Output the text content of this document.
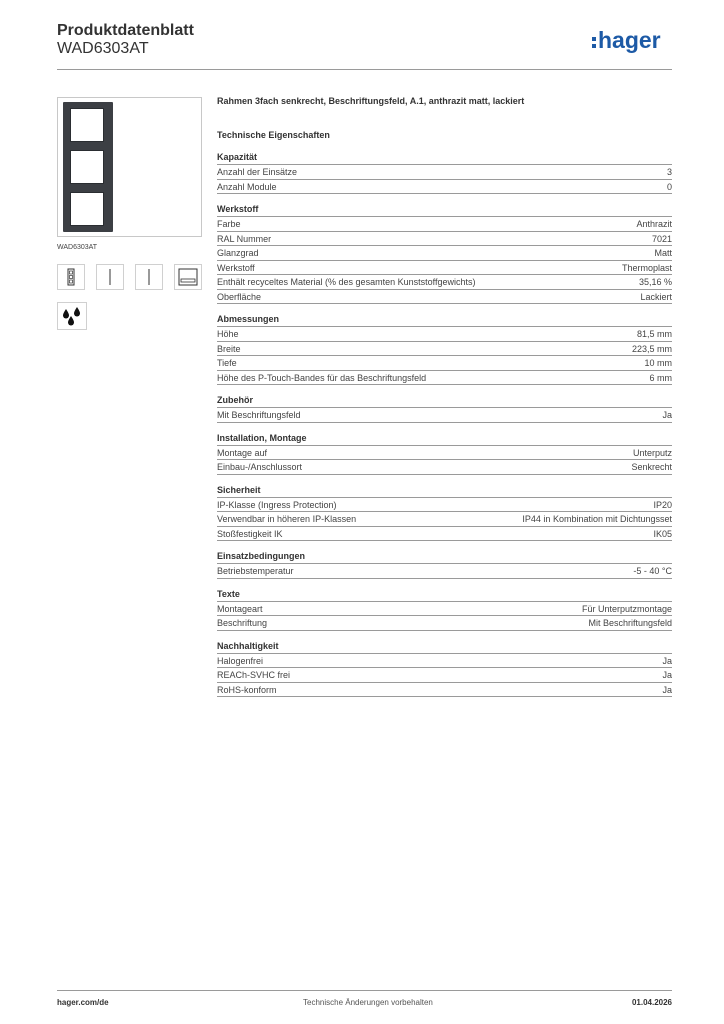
Produktdatenblatt
WAD6303AT	hager
WAD6303AT
Rahmen 3fach senkrecht, Beschriftungsfeld, A.1, anthrazit matt, lackiert
Technische Eigenschaften
Kapazität
Anzahl der Einsätze	3
Anzahl Module	0
Werkstoff
Farbe	Anthrazit
RAL Nummer	7021
Glanzgrad	Matt
Werkstoff	Thermoplast
Enthält recyceltes Material (% des gesamten Kunststoffgewichts)	35,16 %
Oberfläche	Lackiert
Abmessungen
Höhe	81,5 mm
Breite	223,5 mm
Tiefe	10 mm
Höhe des P-Touch-Bandes für das Beschriftungsfeld	6 mm
Zubehör
Mit Beschriftungsfeld	Ja
Installation, Montage
Montage auf	Unterputz
Einbau-/Anschlussort	Senkrecht
Sicherheit
IP-Klasse (Ingress Protection)	IP20
Verwendbar in höheren IP-Klassen	IP44 in Kombination mit Dichtungsset
Stoßfestigkeit IK	IK05
Einsatzbedingungen
Betriebstemperatur	-5 - 40 °C
Texte
Montageart	Für Unterputzmontage
Beschriftung	Mit Beschriftungsfeld
Nachhaltigkeit
Halogenfrei	Ja
REACh-SVHC frei	Ja
RoHS-konform	Ja
hager.com/de	Technische Änderungen vorbehalten	01.04.2026
